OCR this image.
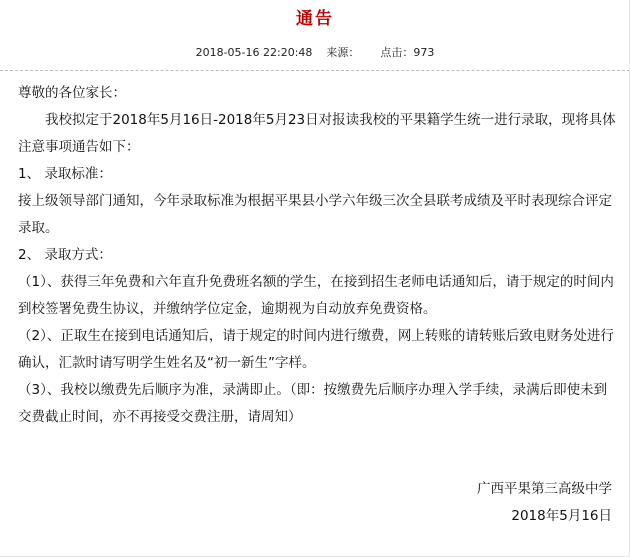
通告
2018-05-16 22:20:48 来源： 点击：973

尊敬的各位家长：

我校拟定于2018年5月16日-2018年5月23日对报读我校的平果籍学生统一进行录取，现将具体注意事项通告如下：

1、 录取标准：

接上级领导部门通知，今年录取标准为根据平果县小学六年级三次全县联考成绩及平时表现综合评定录取。

2、 录取方式：

（1）、获得三年免费和六年直升免费班名额的学生，在接到招生老师电话通知后，请于规定的时间内到校签署免费生协议，并缴纳学位定金，逾期视为自动放弃免费资格。

（2）、正取生在接到电话通知后，请于规定的时间内进行缴费，网上转账的请转账后致电财务处进行确认，汇款时请写明学生姓名及“初一新生”字样。

（3）、我校以缴费先后顺序为准，录满即止。（即：按缴费先后顺序办理入学手续，录满后即使未到交费截止时间，亦不再接受交费注册，请周知）

广西平果第三高级中学
2018年5月16日
